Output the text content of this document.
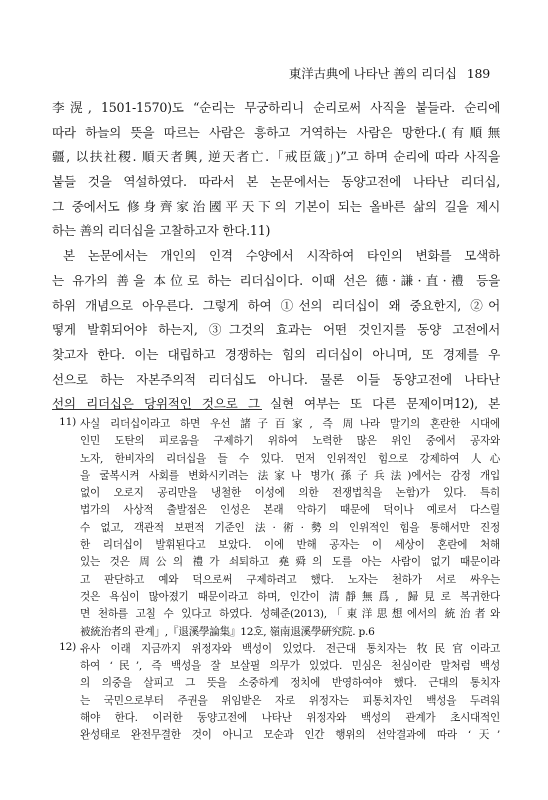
東洋古典에 나타난 善의 리더십 189
李滉, 1501-1570)도 “순리는 무궁하리니 순리로써 사직을 붙들라. 순리에
따라 하늘의 뜻을 따르는 사람은 흥하고 거역하는 사람은 망한다.(有順無
疆, 以扶社稷. 順天者興, 逆天者亡.「戒臣箴」)”고 하며 순리에 따라 사직을
붙들 것을 역설하였다. 따라서 본 논문에서는 동양고전에 나타난 리더십,
그 중에서도 修身齊家治國平天下의 기본이 되는 올바른 삶의 길을 제시
하는 善의 리더십을 고찰하고자 한다.11)
본 논문에서는 개인의 인격 수양에서 시작하여 타인의 변화를 모색하
는 유가의 善을 本位로 하는 리더십이다. 이때 선은 德·謙·直·禮 등을
하위 개념으로 아우른다. 그렇게 하여 ①선의 리더십이 왜 중요한지, ②어
떻게 발휘되어야 하는지, ③그것의 효과는 어떤 것인지를 동양 고전에서
찾고자 한다. 이는 대립하고 경쟁하는 힘의 리더십이 아니며, 또 경제를 우
선으로 하는 자본주의적 리더십도 아니다. 물론 이들 동양고전에 나타난
선의 리더십은 당위적인 것으로 그 실현 여부는 또 다른 문제이며12), 본
11) 사실 리더십이라고 하면 우선 諸子百家, 즉 周나라 말기의 혼란한 시대에
인민 도탄의 피로움을 구제하기 위하여 노력한 많은 위인 중에서 공자와
노자, 한비자의 리더십을 들 수 있다. 먼저 인위적인 힘으로 강제하여 人心
을 굴복시켜 사회를 변화시키려는 法家나 병가(孫子兵法)에서는 감정 개입
없이 오로지 공리만을 냉철한 이성에 의한 전쟁법칙을 논함)가 있다. 특히
법가의 사상적 출발점은 인성은 본래 악하기 때문에 덕이나 예로서 다스릴
수 없고, 객관적 보편적 기준인 法·術·勢의 인위적인 힘을 통해서만 진정
한 리더십이 발휘된다고 보았다. 이에 반해 공자는 이 세상이 혼란에 처해
있는 것은 周公의 禮가 쇠퇴하고 堯舜의 도를 아는 사람이 없기 때문이라
고 판단하고 예와 덕으로써 구제하려고 했다. 노자는 천하가 서로 싸우는
것은 욕심이 많아졌기 때문이라고 하며, 인간이 淸靜無爲, 歸見로 복귀한다
면 천하를 고칠 수 있다고 하였다. 성혜준(2013),「東洋思想에서의 統治者와
被統治者의 관계」,『退溪學論集』12호, 嶺南退溪學硏究院. p.6
12) 유사 이래 지금까지 위정자와 백성이 있었다. 전근대 통치자는 牧民官이라고
하여 ‘民’, 즉 백성을 잘 보살필 의무가 있었다. 민심은 천심이란 말처럼 백성
의 의중을 살피고 그 뜻을 소중하게 정치에 반영하여야 했다. 근대의 통치자
는 국민으로부터 주권을 위임받은 자로 위정자는 피통치자인 백성을 두려워
해야 한다. 이러한 동양고전에 나타난 위정자와 백성의 관계가 초시대적인
완성태로 완전무결한 것이 아니고 모순과 인간 행위의 선악결과에 따라 ‘天’
